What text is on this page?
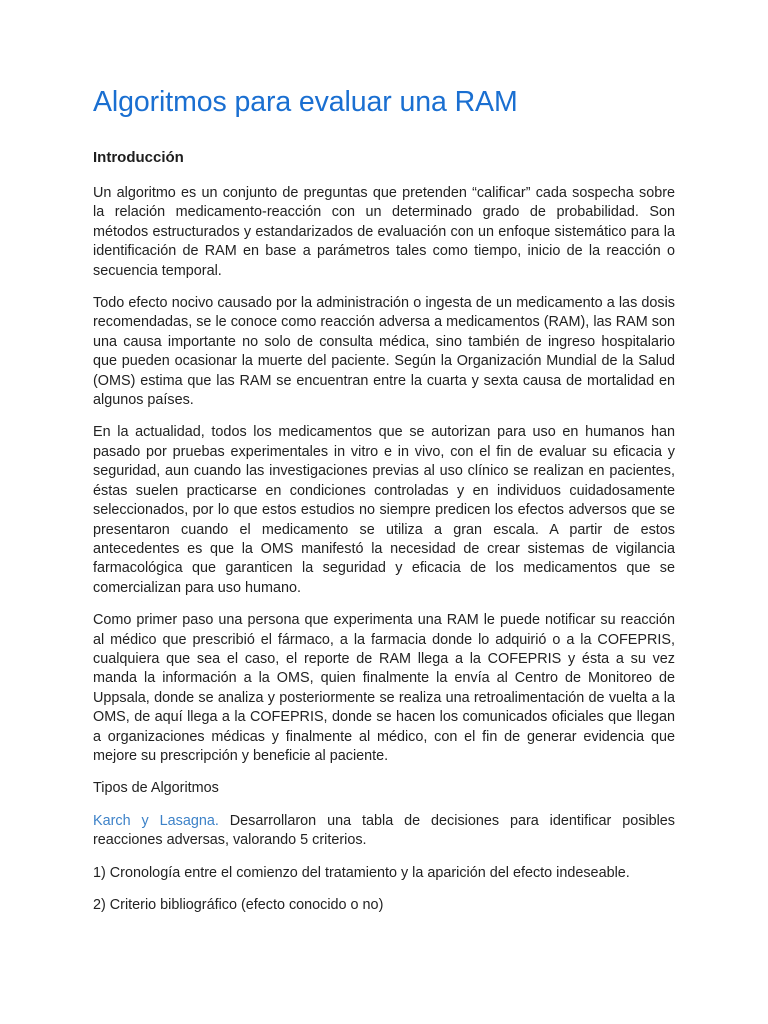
Algoritmos para evaluar una RAM
Introducción

Un algoritmo es un conjunto de preguntas que pretenden “calificar” cada sospecha sobre la relación medicamento-reacción con un determinado grado de probabilidad. Son métodos estructurados y estandarizados de evaluación con un enfoque sistemático para la identificación de RAM en base a parámetros tales como tiempo, inicio de la reacción o secuencia temporal.

Todo efecto nocivo causado por la administración o ingesta de un medicamento a las dosis recomendadas, se le conoce como reacción adversa a medicamentos (RAM), las RAM son una causa importante no solo de consulta médica, sino también de ingreso hospitalario que pueden ocasionar la muerte del paciente. Según la Organización Mundial de la Salud (OMS) estima que las RAM se encuentran entre la cuarta y sexta causa de mortalidad en algunos países.

En la actualidad, todos los medicamentos que se autorizan para uso en humanos han pasado por pruebas experimentales in vitro e in vivo, con el fin de evaluar su eficacia y seguridad, aun cuando las investigaciones previas al uso clínico se realizan en pacientes, éstas suelen practicarse en condiciones controladas y en individuos cuidadosamente seleccionados, por lo que estos estudios no siempre predicen los efectos adversos que se presentaron cuando el medicamento se utiliza a gran escala. A partir de estos antecedentes es que la OMS manifestó la necesidad de crear sistemas de vigilancia farmacológica que garanticen la seguridad y eficacia de los medicamentos que se comercializan para uso humano.

Como primer paso una persona que experimenta una RAM le puede notificar su reacción al médico que prescribió el fármaco, a la farmacia donde lo adquirió o a la COFEPRIS, cualquiera que sea el caso, el reporte de RAM llega a la COFEPRIS y ésta a su vez manda la información a la OMS, quien finalmente la envía al Centro de Monitoreo de Uppsala, donde se analiza y posteriormente se realiza una retroalimentación de vuelta a la OMS, de aquí llega a la COFEPRIS, donde se hacen los comunicados oficiales que llegan a organizaciones médicas y finalmente al médico, con el fin de generar evidencia que mejore su prescripción y beneficie al paciente.

Tipos de Algoritmos

Karch y Lasagna. Desarrollaron una tabla de decisiones para identificar posibles reacciones adversas, valorando 5 criterios.

1) Cronología entre el comienzo del tratamiento y la aparición del efecto indeseable.

2) Criterio bibliográfico (efecto conocido o no)
